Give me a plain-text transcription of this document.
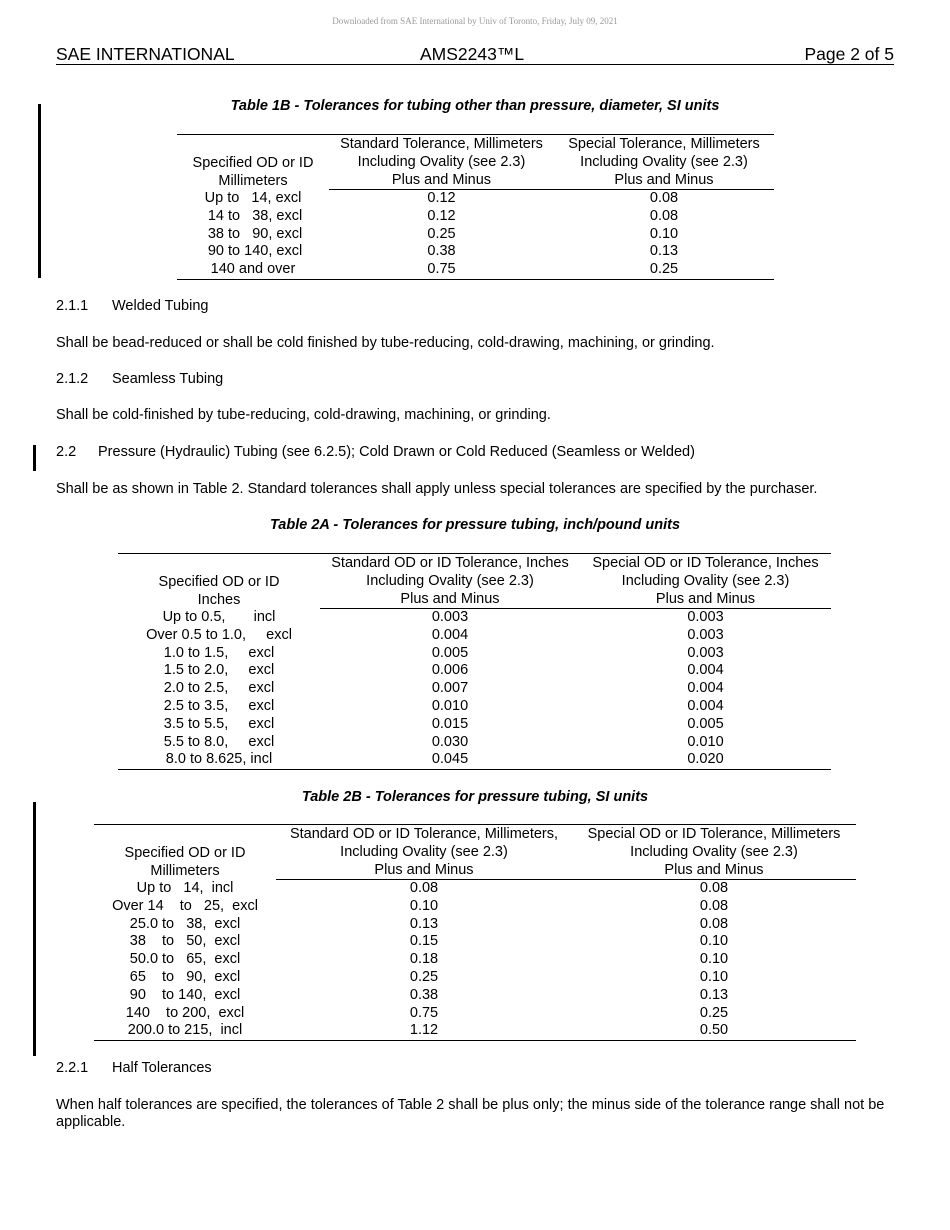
Downloaded from SAE International by Univ of Toronto, Friday, July 09, 2021
SAE INTERNATIONAL	AMS2243™L	Page 2 of 5
Table 1B - Tolerances for tubing other than pressure, diameter, SI units
Specified OD or ID
Millimeters	Standard Tolerance, Millimeters	Special Tolerance, Millimeters
	Including Ovality (see 2.3)	Including Ovality (see 2.3)
	Plus and Minus	Plus and Minus
Up to   14, excl	0.12	0.08
14 to   38, excl	0.12	0.08
38 to   90, excl	0.25	0.10
90 to 140, excl	0.38	0.13
140 and over	0.75	0.25
2.1.1 Welded Tubing
Shall be bead-reduced or shall be cold finished by tube-reducing, cold-drawing, machining, or grinding.
2.1.2 Seamless Tubing
Shall be cold-finished by tube-reducing, cold-drawing, machining, or grinding.
2.2 Pressure (Hydraulic) Tubing (see 6.2.5); Cold Drawn or Cold Reduced (Seamless or Welded)
Shall be as shown in Table 2. Standard tolerances shall apply unless special tolerances are specified by the purchaser.
Table 2A - Tolerances for pressure tubing, inch/pound units
Specified OD or ID
Inches	Standard OD or ID Tolerance, Inches	Special OD or ID Tolerance, Inches
	Including Ovality (see 2.3)	Including Ovality (see 2.3)
	Plus and Minus	Plus and Minus
Up to 0.5,       incl	0.003	0.003
Over 0.5 to 1.0,     excl	0.004	0.003
1.0 to 1.5,     excl	0.005	0.003
1.5 to 2.0,     excl	0.006	0.004
2.0 to 2.5,     excl	0.007	0.004
2.5 to 3.5,     excl	0.010	0.004
3.5 to 5.5,     excl	0.015	0.005
5.5 to 8.0,     excl	0.030	0.010
8.0 to 8.625, incl	0.045	0.020
Table 2B - Tolerances for pressure tubing, SI units
Specified OD or ID
Millimeters	Standard OD or ID Tolerance, Millimeters,	Special OD or ID Tolerance, Millimeters
	Including Ovality (see 2.3)	Including Ovality (see 2.3)
	Plus and Minus	Plus and Minus
Up to   14,  incl	0.08	0.08
Over 14    to   25,  excl	0.10	0.08
25.0 to   38,  excl	0.13	0.08
38    to   50,  excl	0.15	0.10
50.0 to   65,  excl	0.18	0.10
65    to   90,  excl	0.25	0.10
90    to 140,  excl	0.38	0.13
140    to 200,  excl	0.75	0.25
200.0 to 215,  incl	1.12	0.50
2.2.1 Half Tolerances
When half tolerances are specified, the tolerances of Table 2 shall be plus only; the minus side of the tolerance range shall not be applicable.
